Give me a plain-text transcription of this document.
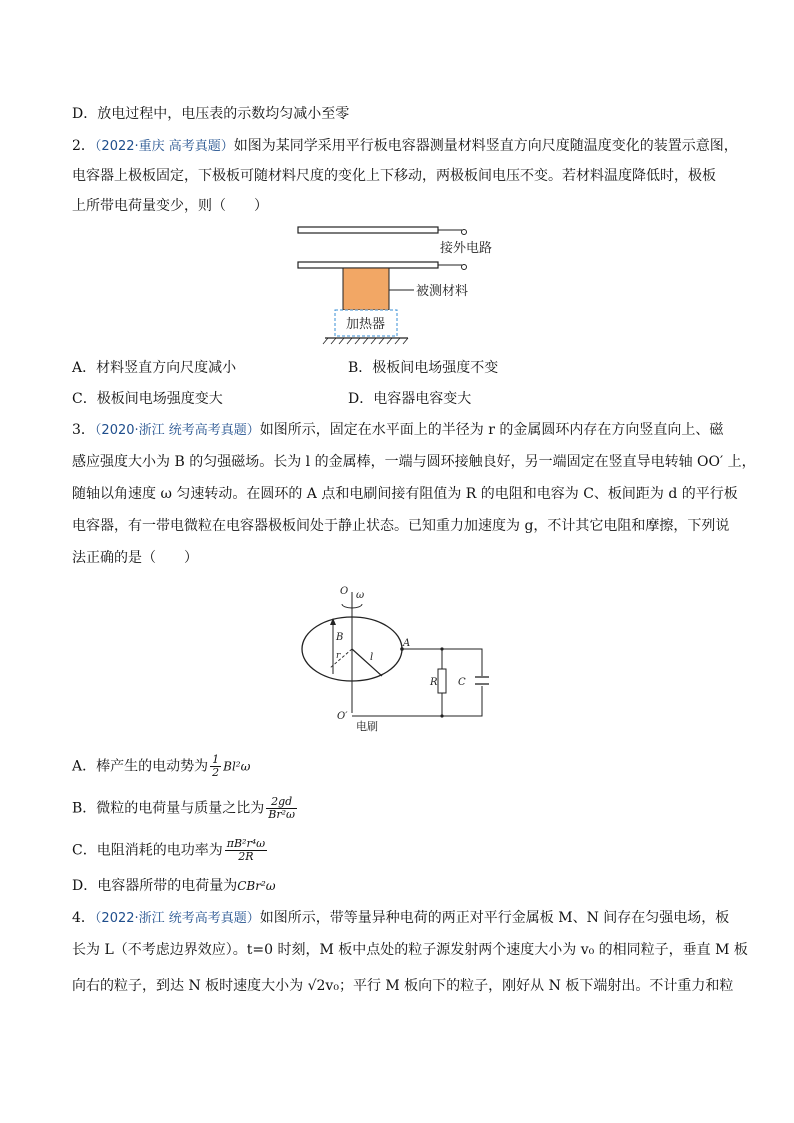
D．放电过程中，电压表的示数均匀减小至零
2．（2022·重庆 高考真题）如图为某同学采用平行板电容器测量材料竖直方向尺度随温度变化的装置示意图，
电容器上极板固定，下极板可随材料尺度的变化上下移动，两极板间电压不变。若材料温度降低时，极板
上所带电荷量变少，则（　　）
接外电路
被测材料
加热器
A．材料竖直方向尺度减小	B．极板间电场强度不变
C．极板间电场强度变大	D．电容器电容变大
3．（2020·浙江 统考高考真题）如图所示，固定在水平面上的半径为 r 的金属圆环内存在方向竖直向上、磁
感应强度大小为 B 的匀强磁场。长为 l 的金属棒，一端与圆环接触良好，另一端固定在竖直导电转轴 OO′ 上，
随轴以角速度 ω 匀速转动。在圆环的 A 点和电刷间接有阻值为 R 的电阻和电容为 C、板间距为 d 的平行板
电容器，有一带电微粒在电容器极板间处于静止状态。已知重力加速度为 g，不计其它电阻和摩擦，下列说
法正确的是（　　）
O ω
B
r	l
A
R C
O′
电刷
A．棒产生的电动势为 $\frac{1}{2} Bl^2\omega$
B．微粒的电荷量与质量之比为 $\frac{2gd}{\text{Br²ω}}$
C．电阻消耗的电功率为 $\frac{\text{πB²r⁴ω}}{2R}$
D．电容器所带的电荷量为CBr²ω
4．（2022·浙江 统考高考真题）如图所示，带等量异种电荷的两正对平行金属板 M、N 间存在匀强电场，板
长为 L（不考虑边界效应）。t=0 时刻，M 板中点处的粒子源发射两个速度大小为 v₀ 的相同粒子，垂直 M 板
向右的粒子，到达 N 板时速度大小为 √2v₀；平行 M 板向下的粒子，刚好从 N 板下端射出。不计重力和粒
